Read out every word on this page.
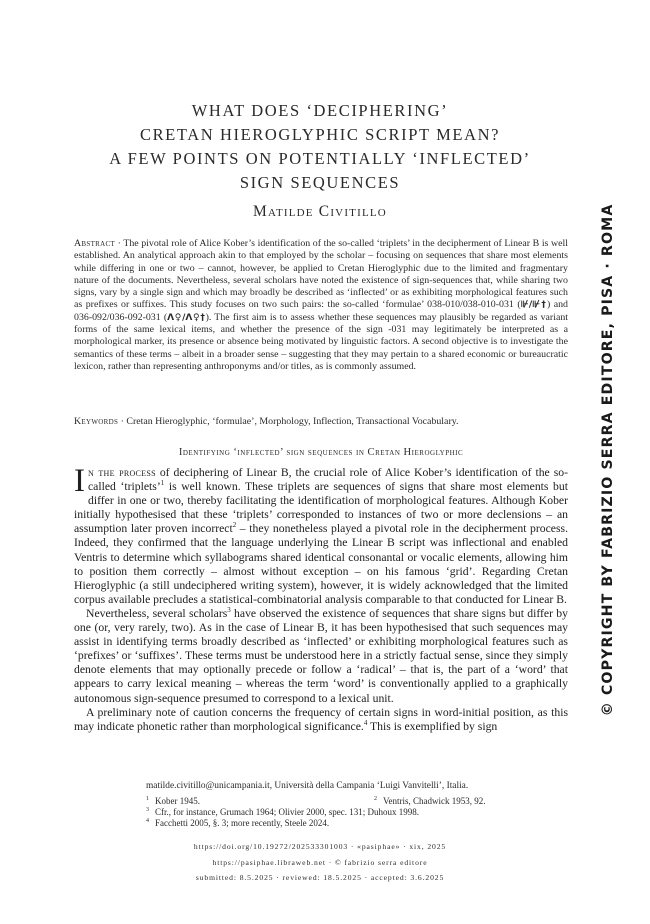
WHAT DOES ‘DECIPHERING’
CRETAN HIEROGLYPHIC SCRIPT MEAN?
A FEW POINTS ON POTENTIALLY ‘INFLECTED’
SIGN SEQUENCES
Matilde Civitillo
Abstract · The pivotal role of Alice Kober’s identification of the so-called ‘triplets’ in the decipherment of Linear B is well established. An analytical approach akin to that employed by the scholar – focusing on sequences that share most elements while differing in one or two – cannot, however, be applied to Cretan Hieroglyphic due to the limited and fragmentary nature of the documents. Nevertheless, several scholars have noted the existence of sign-sequences that, while sharing two signs, vary by a single sign and which may broadly be described as ‘inflected’ or as exhibiting morphological features such as prefixes or suffixes. This study focuses on two such pairs: the so-called ‘formulae’ 038-010/038-010-031 (⊮/⊮†) and 036-092/036-092-031 (Λ♀/Λ♀†). The first aim is to assess whether these sequences may plausibly be regarded as variant forms of the same lexical items, and whether the presence of the sign -031 may legitimately be interpreted as a morphological marker, its presence or absence being motivated by linguistic factors. A second objective is to investigate the semantics of these terms – albeit in a broader sense – suggesting that they may pertain to a shared economic or bureaucratic lexicon, rather than representing anthroponyms and/or titles, as is commonly assumed.
Keywords · Cretan Hieroglyphic, ‘formulae’, Morphology, Inflection, Transactional Vocabulary.
Identifying ‘inflected’ sign sequences in Cretan Hieroglyphic

In the process of deciphering of Linear B, the crucial role of Alice Kober’s identification of the so-called ‘triplets’$^1$ is well known. These triplets are sequences of signs that share most elements but differ in one or two, thereby facilitating the identification of morphological features. Although Kober initially hypothesised that these ‘triplets’ corresponded to instances of two or more declensions – an assumption later proven incorrect$^2$ – they nonetheless played a pivotal role in the decipherment process. Indeed, they confirmed that the language underlying the Linear B script was inflectional and enabled Ventris to determine which syllabograms shared identical consonantal or vocalic elements, allowing him to position them correctly – almost without exception – on his famous ‘grid’. Regarding Cretan Hieroglyphic (a still undeciphered writing system), however, it is widely acknowledged that the limited corpus available precludes a statistical-combinatorial analysis comparable to that conducted for Linear B.

Nevertheless, several scholars$^3$ have observed the existence of sequences that share signs but differ by one (or, very rarely, two). As in the case of Linear B, it has been hypothesised that such sequences may assist in identifying terms broadly described as ‘inflected’ or exhibiting morphological features such as ‘prefixes’ or ‘suffixes’. These terms must be understood here in a strictly factual sense, since they simply denote elements that may optionally precede or follow a ‘radical’ – that is, the part of a ‘word’ that appears to carry lexical meaning – whereas the term ‘word’ is conventionally applied to a graphically autonomous sign-sequence presumed to correspond to a lexical unit.

A preliminary note of caution concerns the frequency of certain signs in word-initial position, as this may indicate phonetic rather than morphological significance.$^4$ This is exemplified by sign

matilde.civitillo@unicampania.it, Università della Campania ‘Luigi Vanvitelli’, Italia.
$^1$ Kober 1945.	$^2$ Ventris, Chadwick 1953, 92.
$^3$ Cfr., for instance, Grumach 1964; Olivier 2000, spec. 131; Duhoux 1998.
$^4$ Facchetti 2005, §. 3; more recently, Steele 2024.
https://doi.org/10.19272/202533301003 · «pasiphae» · xix, 2025
https://pasiphae.libraweb.net · © fabrizio serra editore
submitted: 8.5.2025 · reviewed: 18.5.2025 · accepted: 3.6.2025
© COPYRIGHT BY FABRIZIO SERRA EDITORE, PISA · ROMA
